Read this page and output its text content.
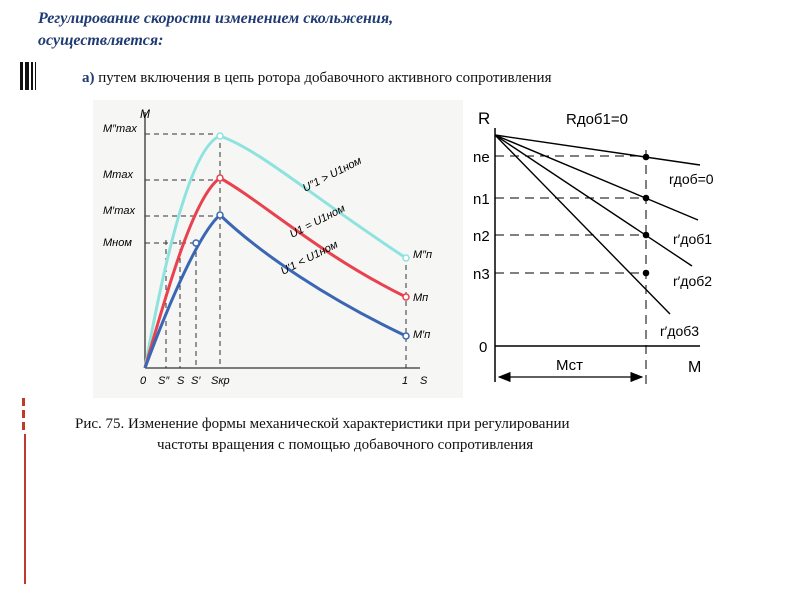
Регулирование скорости изменением скольжения,
осуществляется:
а) путем включения в цепь ротора добавочного активного сопротивления
M
M″max
Mmax
M′max
Mном
0 S″ S S′ Sкр	1 S
U″1 > U1ном
U1 = U1ном
U′1 < U1ном	M″п
Mп
M′п
R	Rдоб1=0
nе
n1
n2
n3
0
rдоб=0
r′доб1
r′доб2
r′доб3
Мст	M
Рис. 75. Изменение формы механической характеристики при регулировании
частоты вращения с помощью добавочного сопротивления
